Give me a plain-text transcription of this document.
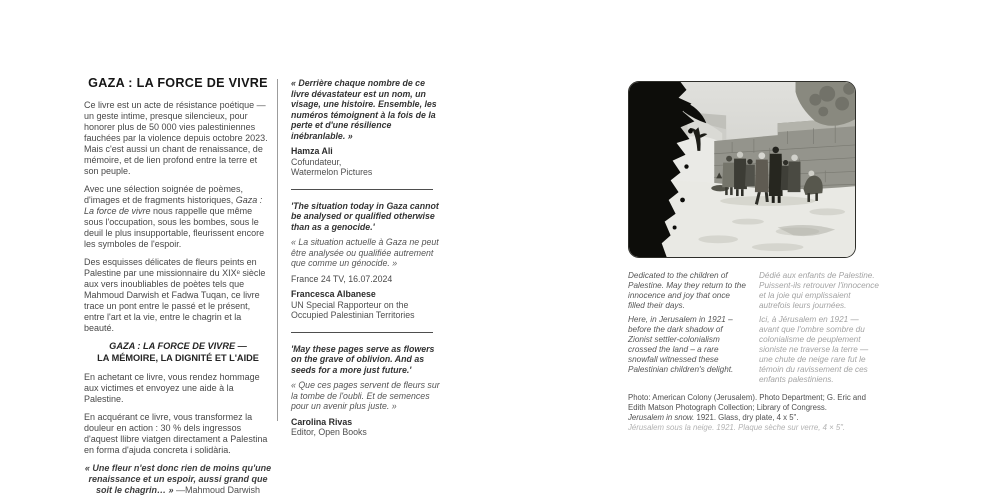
GAZA : LA FORCE DE VIVRE

Ce livre est un acte de résistance poétique — un geste intime, presque silencieux, pour honorer plus de 50 000 vies palestiniennes fauchées par la violence depuis octobre 2023. Mais c'est aussi un chant de renaissance, de mémoire, et de lien profond entre la terre et son peuple.

Avec une sélection soignée de poèmes, d'images et de fragments historiques, Gaza : La force de vivre nous rappelle que même sous l'occupation, sous les bombes, sous le deuil le plus insupportable, fleurissent encore les symboles de l'espoir.

Des esquisses délicates de fleurs peints en Palestine par une missionnaire du XIXᵉ siècle aux vers inoubliables de poètes tels que Mahmoud Darwish et Fadwa Tuqan, ce livre trace un pont entre le passé et le présent, entre l'art et la vie, entre le chagrin et la beauté.

GAZA : LA FORCE DE VIVRE —
LA MÉMOIRE, LA DIGNITÉ ET L'AIDE

En achetant ce livre, vous rendez hommage aux victimes et envoyez une aide à la Palestine.

En acquérant ce livre, vous transformez la douleur en action : 30 % dels ingressos d'aquest llibre viatgen directament a Palestina en forma d'ajuda concreta i solidària.

« Une fleur n'est donc rien de moins qu'une renaissance et un espoir, aussi grand que soit le chagrin… » —Mahmoud Darwish

« Derrière chaque nombre de ce livre dévastateur est un nom, un visage, une histoire. Ensemble, les numéros témoignent à la fois de la perte et d'une résilience inébranlable. »

Hamza Ali

Cofundateur,

Watermelon Pictures

'The situation today in Gaza cannot be analysed or qualified otherwise than as a genocide.'

« La situation actuelle à Gaza ne peut être analysée ou qualifiée autrement que comme un génocide. »

France 24 TV, 16.07.2024

Francesca Albanese

UN Special Rapporteur on the Occupied Palestinian Territories

'May these pages serve as flowers on the grave of oblivion. And as seeds for a more just future.'

« Que ces pages servent de fleurs sur la tombe de l'oubli. Et de semences pour un avenir plus juste. »

Carolina Rivas

Editor, Open Books

Dedicated to the children of Palestine. May they return to the innocence and joy that once filled their days.

Here, in Jerusalem in 1921 – before the dark shadow of Zionist settler-colonialism crossed the land – a rare snowfall witnessed these Palestinian children's delight.

Dédié aux enfants de Palestine. Puissent-ils retrouver l'innocence et la joie qui emplissaient autrefois leurs journées.

Ici, à Jérusalem en 1921 — avant que l'ombre sombre du colonialisme de peuplement sioniste ne traverse la terre — une chute de neige rare fut le témoin du ravissement de ces enfants palestiniens.

Photo: American Colony (Jerusalem). Photo Department; G. Eric and Edith Matson Photograph Collection; Library of Congress.

Jerusalem in snow. 1921. Glass, dry plate, 4 x 5".

Jérusalem sous la neige. 1921. Plaque sèche sur verre, 4 × 5".
